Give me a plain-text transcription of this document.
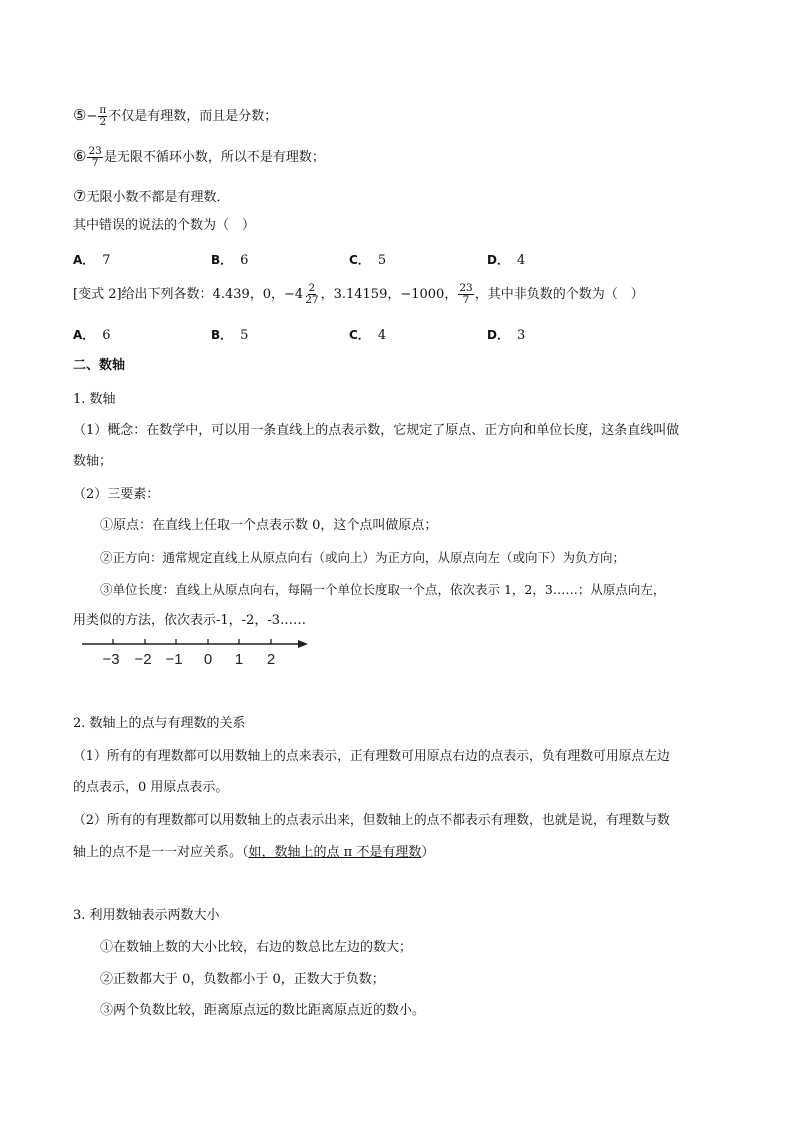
⑤− $\frac{\pi}{2}$ 不仅是有理数，而且是分数；
⑥ $\frac{23}{7}$ 是无限不循环小数，所以不是有理数；
⑦无限小数不都是有理数．
其中错误的说法的个数为（　）
A． 7	B． 6	C． 5	D． 4
[变式 2]给出下列各数：4.439，0，$-4 \frac{2}{27}$ ，3.14159，−1000， $\frac{23}{7}$ ，其中非负数的个数为（　）
A． 6	B． 5	C． 4	D． 3
二、数轴
1. 数轴
（1）概念：在数学中，可以用一条直线上的点表示数，它规定了原点、正方向和单位长度，这条直线叫做
数轴；
（2）三要素：
①原点：在直线上任取一个点表示数 0，这个点叫做原点；
②正方向：通常规定直线上从原点向右（或向上）为正方向，从原点向左（或向下）为负方向；
③单位长度：直线上从原点向右，每隔一个单位长度取一个点，依次表示 1，2，3……；从原点向左，
用类似的方法，依次表示-1，-2，-3……
−3 −2 −1 0 1 2
2. 数轴上的点与有理数的关系
（1）所有的有理数都可以用数轴上的点来表示，正有理数可用原点右边的点表示，负有理数可用原点左边
的点表示，0 用原点表示。
（2）所有的有理数都可以用数轴上的点表示出来，但数轴上的点不都表示有理数，也就是说，有理数与数
轴上的点不是一一对应关系。（如，数轴上的点 π 不是有理数）
3. 利用数轴表示两数大小
①在数轴上数的大小比较，右边的数总比左边的数大；
②正数都大于 0，负数都小于 0，正数大于负数；
③两个负数比较，距离原点远的数比距离原点近的数小。
